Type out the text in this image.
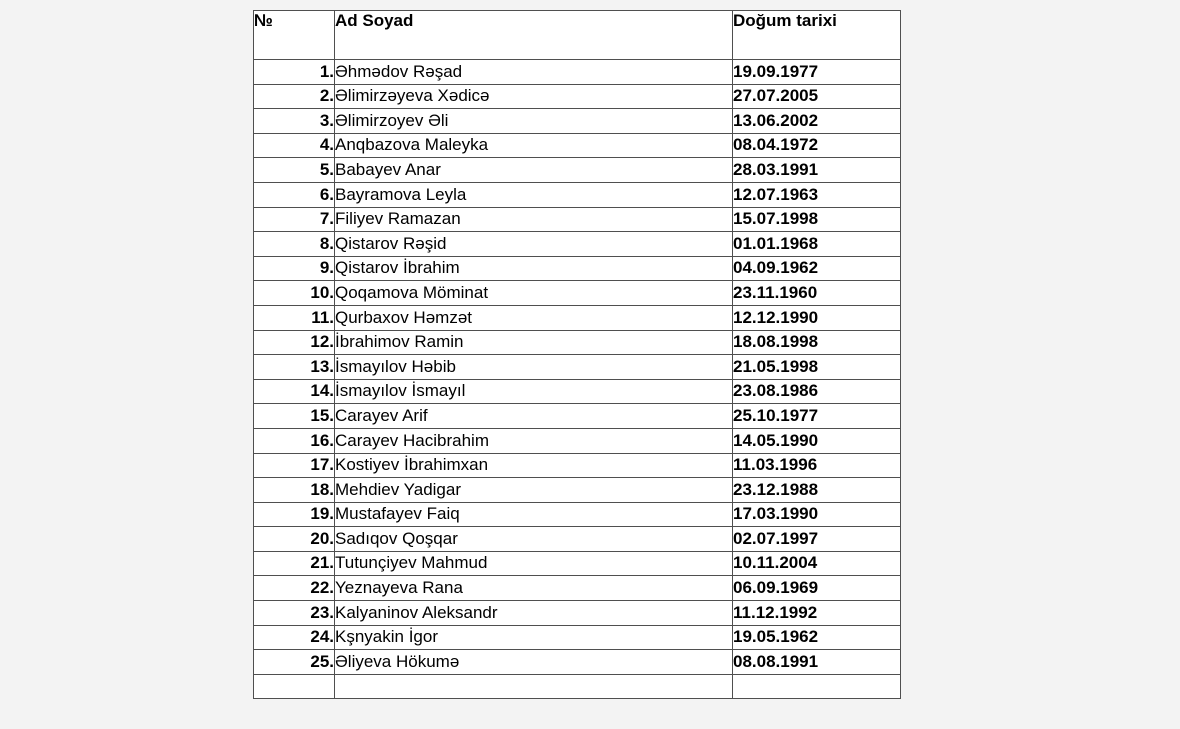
№	Ad Soyad	Doğum tarixi
1.	Əhmədov Rəşad	19.09.1977
2.	Əlimirzəyeva Xədicə	27.07.2005
3.	Əlimirzoyev Əli	13.06.2002
4.	Anqbazova Maleyka	08.04.1972
5.	Babayev Anar	28.03.1991
6.	Bayramova Leyla	12.07.1963
7.	Filiyev Ramazan	15.07.1998
8.	Qistarov Rəşid	01.01.1968
9.	Qistarov İbrahim	04.09.1962
10.	Qoqamova Möminat	23.11.1960
11.	Qurbaxov Həmzət	12.12.1990
12.	İbrahimov Ramin	18.08.1998
13.	İsmayılov Həbib	21.05.1998
14.	İsmayılov İsmayıl	23.08.1986
15.	Carayev Arif	25.10.1977
16.	Carayev Hacibrahim	14.05.1990
17.	Kostiyev İbrahimxan	11.03.1996
18.	Mehdiev Yadigar	23.12.1988
19.	Mustafayev Faiq	17.03.1990
20.	Sadıqov Qoşqar	02.07.1997
21.	Tutunçiyev Mahmud	10.11.2004
22.	Yeznayeva Rana	06.09.1969
23.	Kalyaninov Aleksandr	11.12.1992
24.	Kşnyakin İgor	19.05.1962
25.	Əliyeva Hökumə	08.08.1991
